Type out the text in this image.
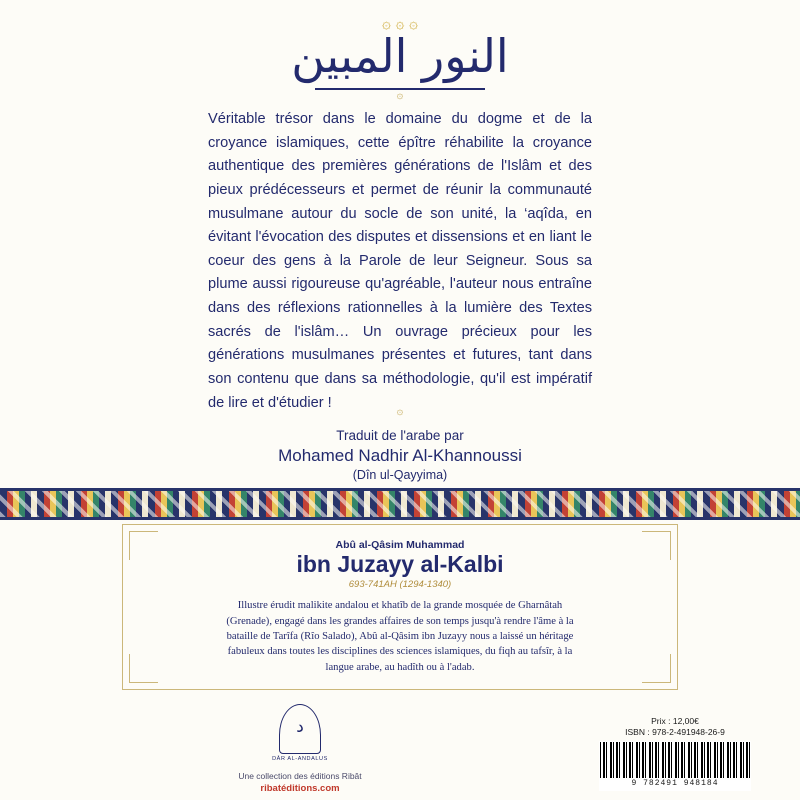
۞ ۞ ۞
النور المبين
۞
Véritable trésor dans le domaine du dogme et de la croyance islamiques, cette épître réhabilite la croyance authentique des premières générations de l'Islâm et des pieux prédécesseurs et permet de réunir la communauté musulmane autour du socle de son unité, la ‘aqîda, en évitant l'évocation des disputes et dissensions et en liant le coeur des gens à la Parole de leur Seigneur. Sous sa plume aussi rigoureuse qu'agréable, l'auteur nous entraîne dans des réflexions rationnelles à la lumière des Textes sacrés de l'islâm… Un ouvrage précieux pour les générations musulmanes présentes et futures, tant dans son contenu que dans sa méthodologie, qu'il est impératif de lire et d'étudier !	۞
Traduit de l'arabe par
Mohamed Nadhir Al-Khannoussi
(Dîn ul-Qayyima)
Abû al-Qâsim Muhammad
ibn Juzayy al-Kalbi
693-741AH (1294-1340)
Illustre érudit malikite andalou et khatîb de la grande mosquée de Gharnâtah (Grenade), engagé dans les grandes affaires de son temps jusqu'à rendre l'âme à la bataille de Tarîfa (Rîo Salado), Abû al-Qâsim ibn Juzayy nous a laissé un héritage fabuleux dans toutes les disciplines des sciences islamiques, du fiqh au tafsîr, à la langue arabe, au hadîth ou à l'adab.
د
DÂR AL-ANDALUS
Une collection des éditions Ribât
ribatéditions.com
Prix : 12,00€
ISBN : 978-2-491948-26-9
9 782491 948184
